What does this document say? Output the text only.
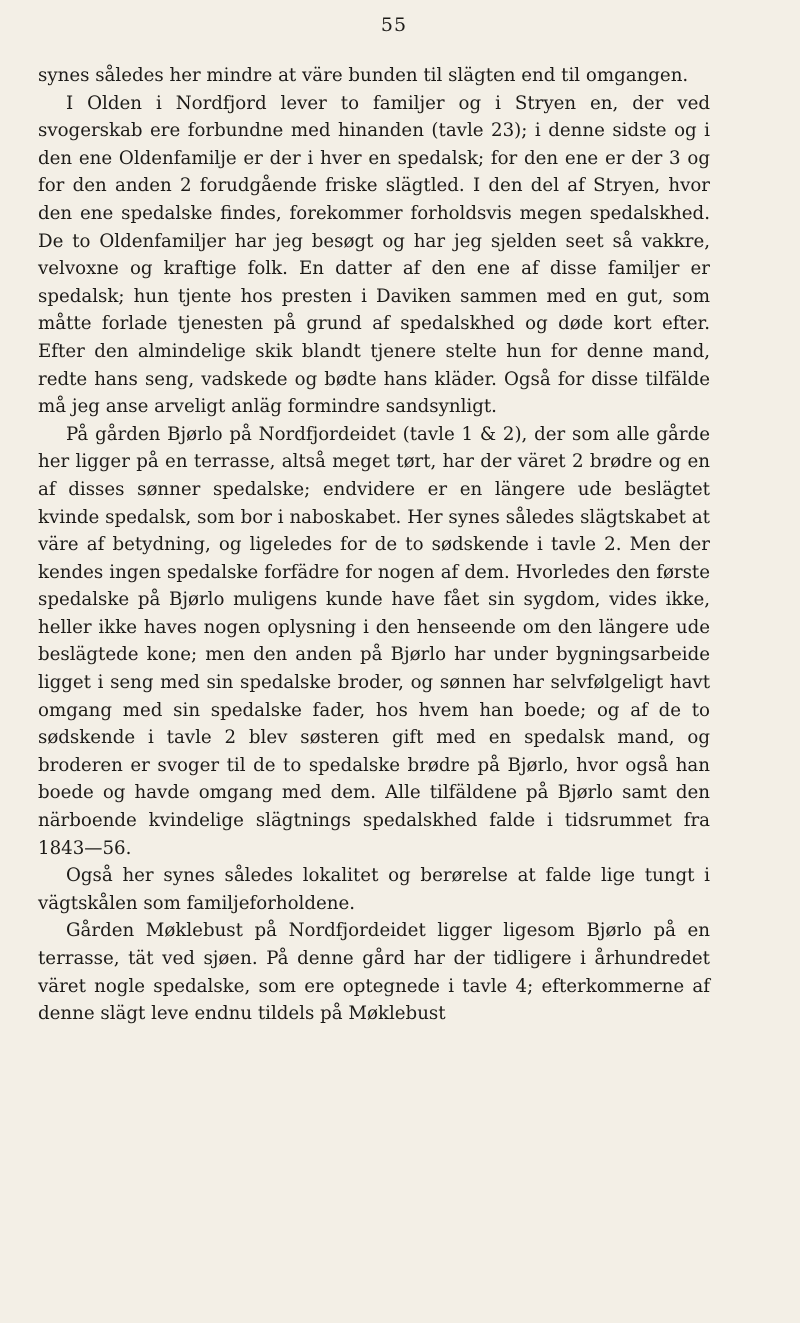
55

synes således her mindre at väre bunden til slägten end til omgangen.

I Olden i Nordfjord lever to familjer og i Stryen en, der ved svogerskab ere forbundne med hinanden (tavle 23); i denne sidste og i den ene Oldenfamilje er der i hver en spedalsk; for den ene er der 3 og for den anden 2 forudgående friske slägtled. I den del af Stryen, hvor den ene spedalske findes, forekommer forholdsvis megen spedalskhed. De to Oldenfamiljer har jeg besøgt og har jeg sjelden seet så vakkre, velvoxne og kraftige folk. En datter af den ene af disse familjer er spedalsk; hun tjente hos presten i Daviken sammen med en gut, som måtte forlade tjenesten på grund af spedalskhed og døde kort efter. Efter den almindelige skik blandt tjenere stelte hun for denne mand, redte hans seng, vadskede og bødte hans kläder. Også for disse tilfälde må jeg anse arveligt anläg formindre sandsynligt.

På gården Bjørlo på Nordfjordeidet (tavle 1 & 2), der som alle gårde her ligger på en terrasse, altså meget tørt, har der väret 2 brødre og en af disses sønner spedalske; endvidere er en längere ude beslägtet kvinde spedalsk, som bor i naboskabet. Her synes således slägtskabet at väre af betydning, og ligeledes for de to sødskende i tavle 2. Men der kendes ingen spedalske forfädre for nogen af dem. Hvorledes den første spedalske på Bjørlo muligens kunde have fået sin sygdom, vides ikke, heller ikke haves nogen oplysning i den henseende om den längere ude beslägtede kone; men den anden på Bjørlo har under bygningsarbeide ligget i seng med sin spedalske broder, og sønnen har selvfølgeligt havt omgang med sin spedalske fader, hos hvem han boede; og af de to sødskende i tavle 2 blev søsteren gift med en spedalsk mand, og broderen er svoger til de to spedalske brødre på Bjørlo, hvor også han boede og havde omgang med dem. Alle tilfäldene på Bjørlo samt den närboende kvindelige slägtnings spedalskhed falde i tidsrummet fra 1843—56.

Også her synes således lokalitet og berørelse at falde lige tungt i vägtskålen som familjeforholdene.

Gården Møklebust på Nordfjordeidet ligger ligesom Bjørlo på en terrasse, tät ved sjøen. På denne gård har der tidligere i århundredet väret nogle spedalske, som ere optegnede i tavle 4; efterkommerne af denne slägt leve endnu tildels på Møklebust
